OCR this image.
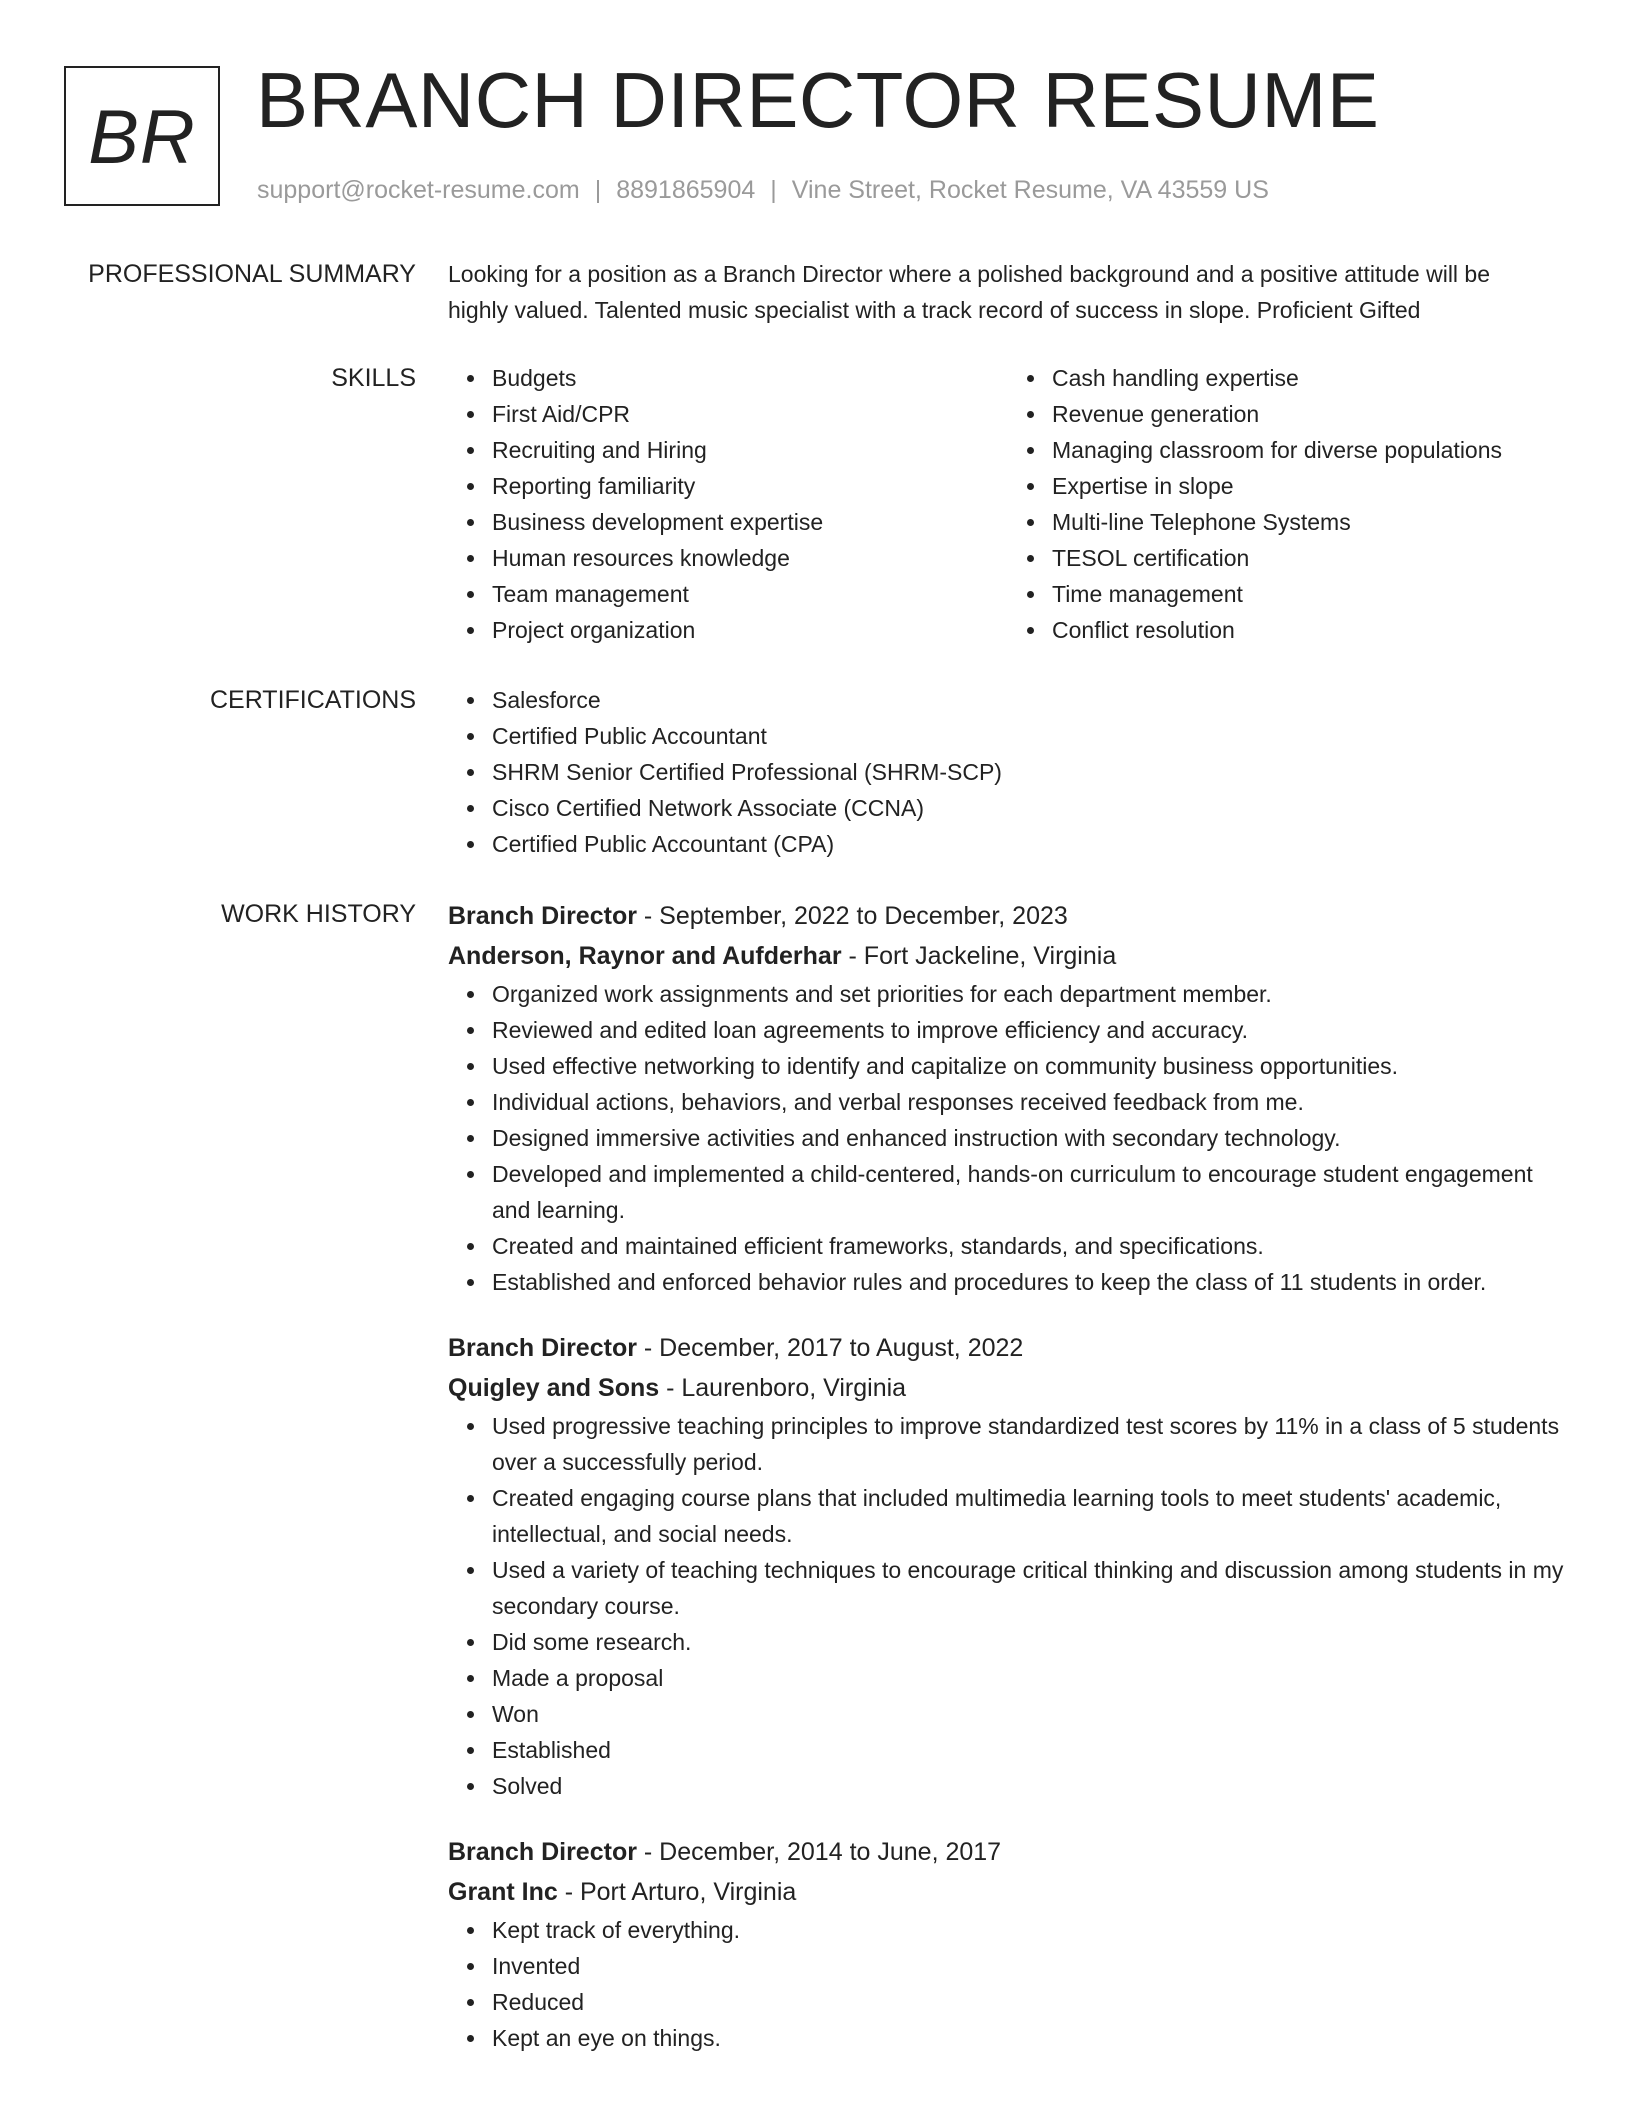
BR BRANCH DIRECTOR RESUME
support@rocket-resume.com | 8891865904 | Vine Street, Rocket Resume, VA 43559 US
PROFESSIONAL SUMMARY Looking for a position as a Branch Director where a polished background and a positive attitude will be highly valued. Talented music specialist with a track record of success in slope. Proficient Gifted
SKILLS	Budgets
First Aid/CPR
Recruiting and Hiring
Reporting familiarity
Business development expertise
Human resources knowledge
Team management
Project organization
Cash handling expertise
Revenue generation
Managing classroom for diverse populations
Expertise in slope
Multi-line Telephone Systems
TESOL certification
Time management
Conflict resolution
CERTIFICATIONS	Salesforce
Certified Public Accountant
SHRM Senior Certified Professional (SHRM-SCP)
Cisco Certified Network Associate (CCNA)
Certified Public Accountant (CPA)
WORK HISTORY Branch Director - September, 2022 to December, 2023
Anderson, Raynor and Aufderhar - Fort Jackeline, Virginia
Organized work assignments and set priorities for each department member.
Reviewed and edited loan agreements to improve efficiency and accuracy.
Used effective networking to identify and capitalize on community business opportunities.
Individual actions, behaviors, and verbal responses received feedback from me.
Designed immersive activities and enhanced instruction with secondary technology.
Developed and implemented a child-centered, hands-on curriculum to encourage student engagement and learning.
Created and maintained efficient frameworks, standards, and specifications.
Established and enforced behavior rules and procedures to keep the class of 11 students in order.
Branch Director - December, 2017 to August, 2022
Quigley and Sons - Laurenboro, Virginia
Used progressive teaching principles to improve standardized test scores by 11% in a class of 5 students over a successfully period.
Created engaging course plans that included multimedia learning tools to meet students' academic, intellectual, and social needs.
Used a variety of teaching techniques to encourage critical thinking and discussion among students in my secondary course.
Did some research.
Made a proposal
Won
Established
Solved
Branch Director - December, 2014 to June, 2017
Grant Inc - Port Arturo, Virginia
Kept track of everything.
Invented
Reduced
Kept an eye on things.
